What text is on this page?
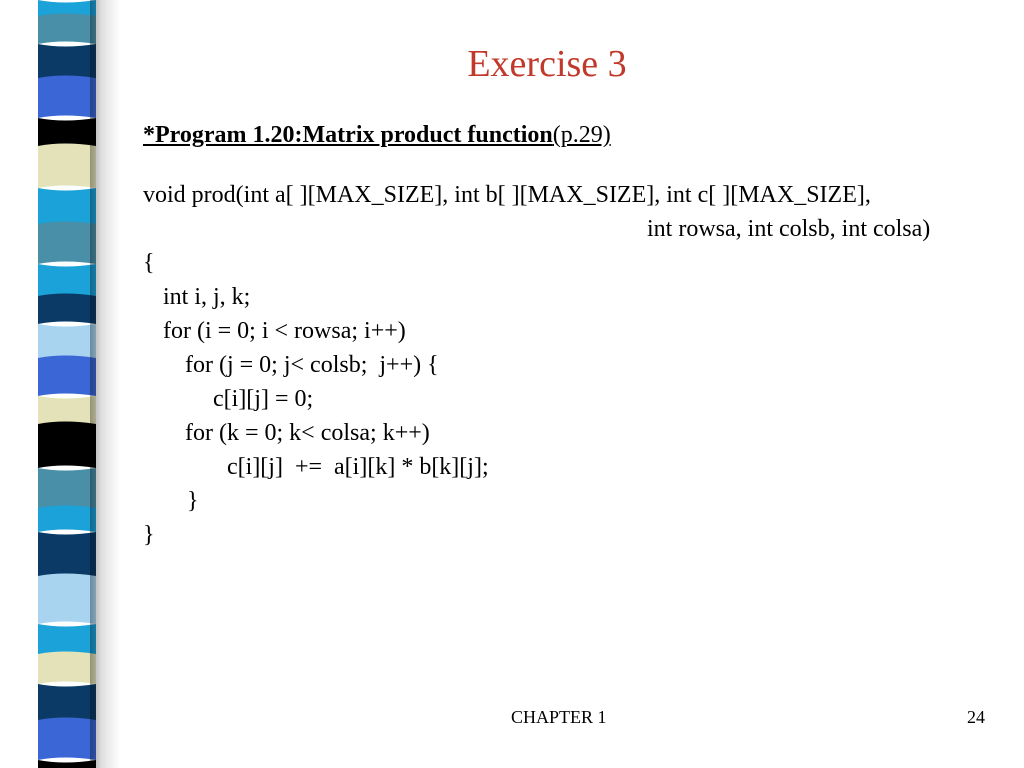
Exercise 3
*Program 1.20:Matrix product function(p.29)
void prod(int a[ ][MAX_SIZE], int b[ ][MAX_SIZE], int c[ ][MAX_SIZE],
int rowsa, int colsb, int colsa)
{
int i, j, k;
for (i = 0; i < rowsa; i++)
for (j = 0; j< colsb;  j++) {
c[i][j] = 0;
for (k = 0; k< colsa; k++)
c[i][j]  +=  a[i][k] * b[k][j];
}
}
CHAPTER 1	24
